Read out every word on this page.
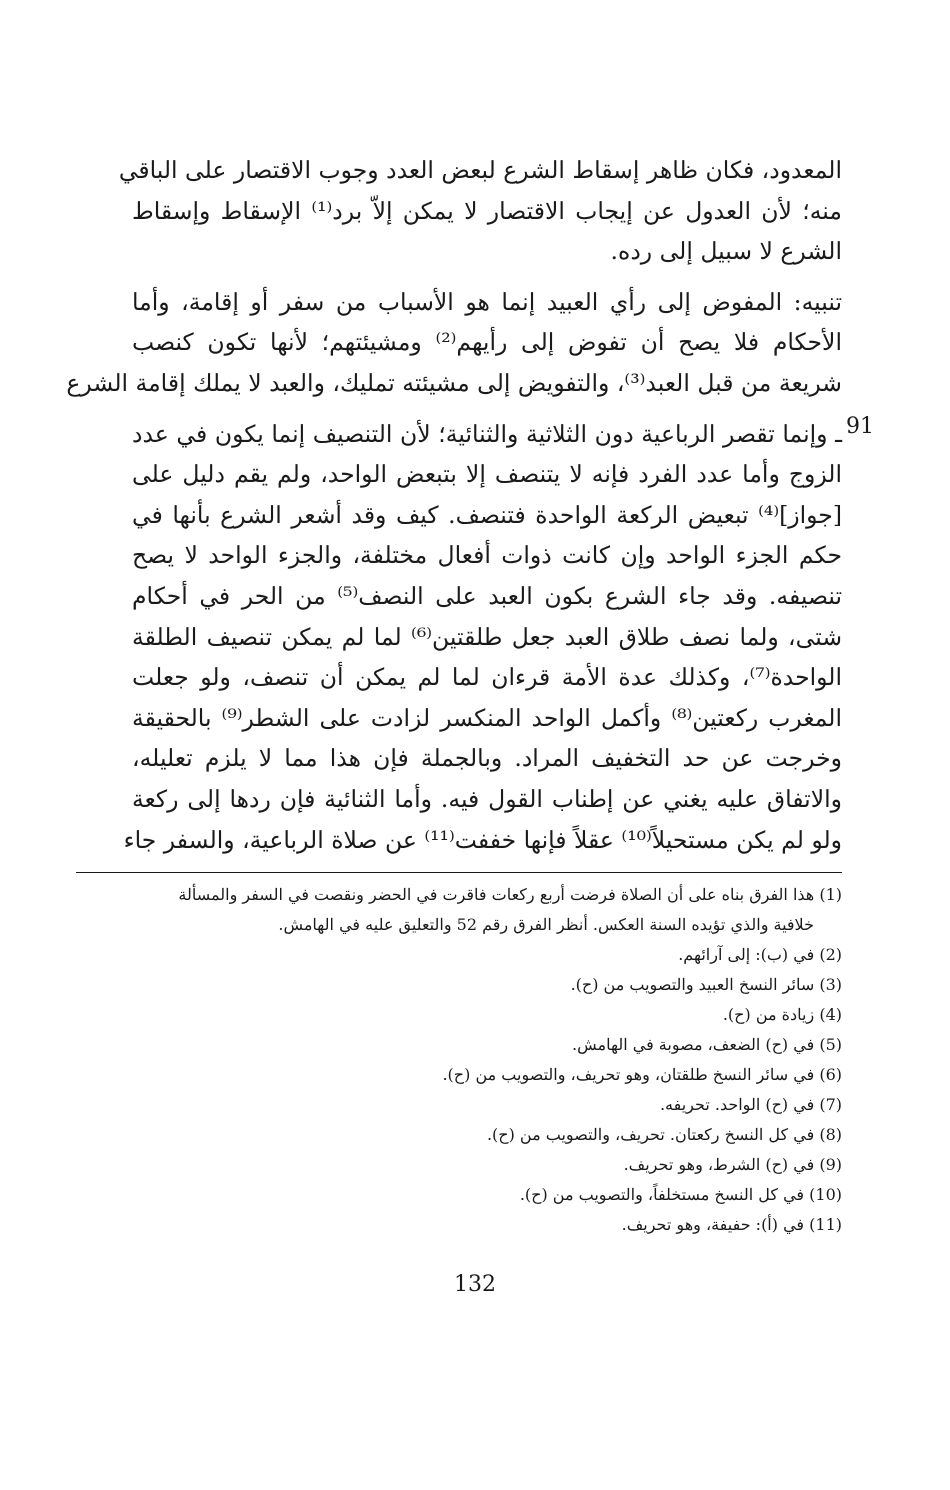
المعدود، فكان ظاهر إسقاط الشرع لبعض العدد وجوب الاقتصار على الباقي
منه؛ لأن العدول عن إيجاب الاقتصار لا يمكن إلاّ برد⁽¹⁾ الإسقاط وإسقاط
الشرع لا سبيل إلى رده.
تنبيه: المفوض إلى رأي العبيد إنما هو الأسباب من سفر أو إقامة، وأما
الأحكام فلا يصح أن تفوض إلى رأيهم⁽²⁾ ومشيئتهم؛ لأنها تكون كنصب
شريعة من قبل العبد⁽³⁾، والتفويض إلى مشيئته تمليك، والعبد لا يملك إقامة الشرع
91
ـ وإنما تقصر الرباعية دون الثلاثية والثنائية؛ لأن التنصيف إنما يكون في عدد
الزوج وأما عدد الفرد فإنه لا يتنصف إلا بتبعض الواحد، ولم يقم دليل على
[جواز]⁽⁴⁾ تبعيض الركعة الواحدة فتنصف. كيف وقد أشعر الشرع بأنها في
حكم الجزء الواحد وإن كانت ذوات أفعال مختلفة، والجزء الواحد لا يصح
تنصيفه. وقد جاء الشرع بكون العبد على النصف⁽⁵⁾ من الحر في أحكام
شتى، ولما نصف طلاق العبد جعل طلقتين⁽⁶⁾ لما لم يمكن تنصيف الطلقة
الواحدة⁽⁷⁾، وكذلك عدة الأمة قرءان لما لم يمكن أن تنصف، ولو جعلت
المغرب ركعتين⁽⁸⁾ وأكمل الواحد المنكسر لزادت على الشطر⁽⁹⁾ بالحقيقة
وخرجت عن حد التخفيف المراد. وبالجملة فإن هذا مما لا يلزم تعليله،
والاتفاق عليه يغني عن إطناب القول فيه. وأما الثنائية فإن ردها إلى ركعة
ولو لم يكن مستحيلاً⁽¹⁰⁾ عقلاً فإنها خففت⁽¹¹⁾ عن صلاة الرباعية، والسفر جاء
(1) هذا الفرق بناه على أن الصلاة فرضت أربع ركعات فاقرت في الحضر ونقصت في السفر والمسألة
خلافية والذي تؤيده السنة العكس. أنظر الفرق رقم 52 والتعليق عليه في الهامش.
(2) في (ب): إلى آرائهم.
(3) سائر النسخ العبيد والتصويب من (ح).
(4) زيادة من (ح).
(5) في (ح) الضعف، مصوبة في الهامش.
(6) في سائر النسخ طلقتان، وهو تحريف، والتصويب من (ح).
(7) في (ح) الواحد. تحريفه.
(8) في كل النسخ ركعتان. تحريف، والتصويب من (ح).
(9) في (ح) الشرط، وهو تحريف.
(10) في كل النسخ مستخلفاً، والتصويب من (ح).
(11) في (أ): حفيفة، وهو تحريف.
132
